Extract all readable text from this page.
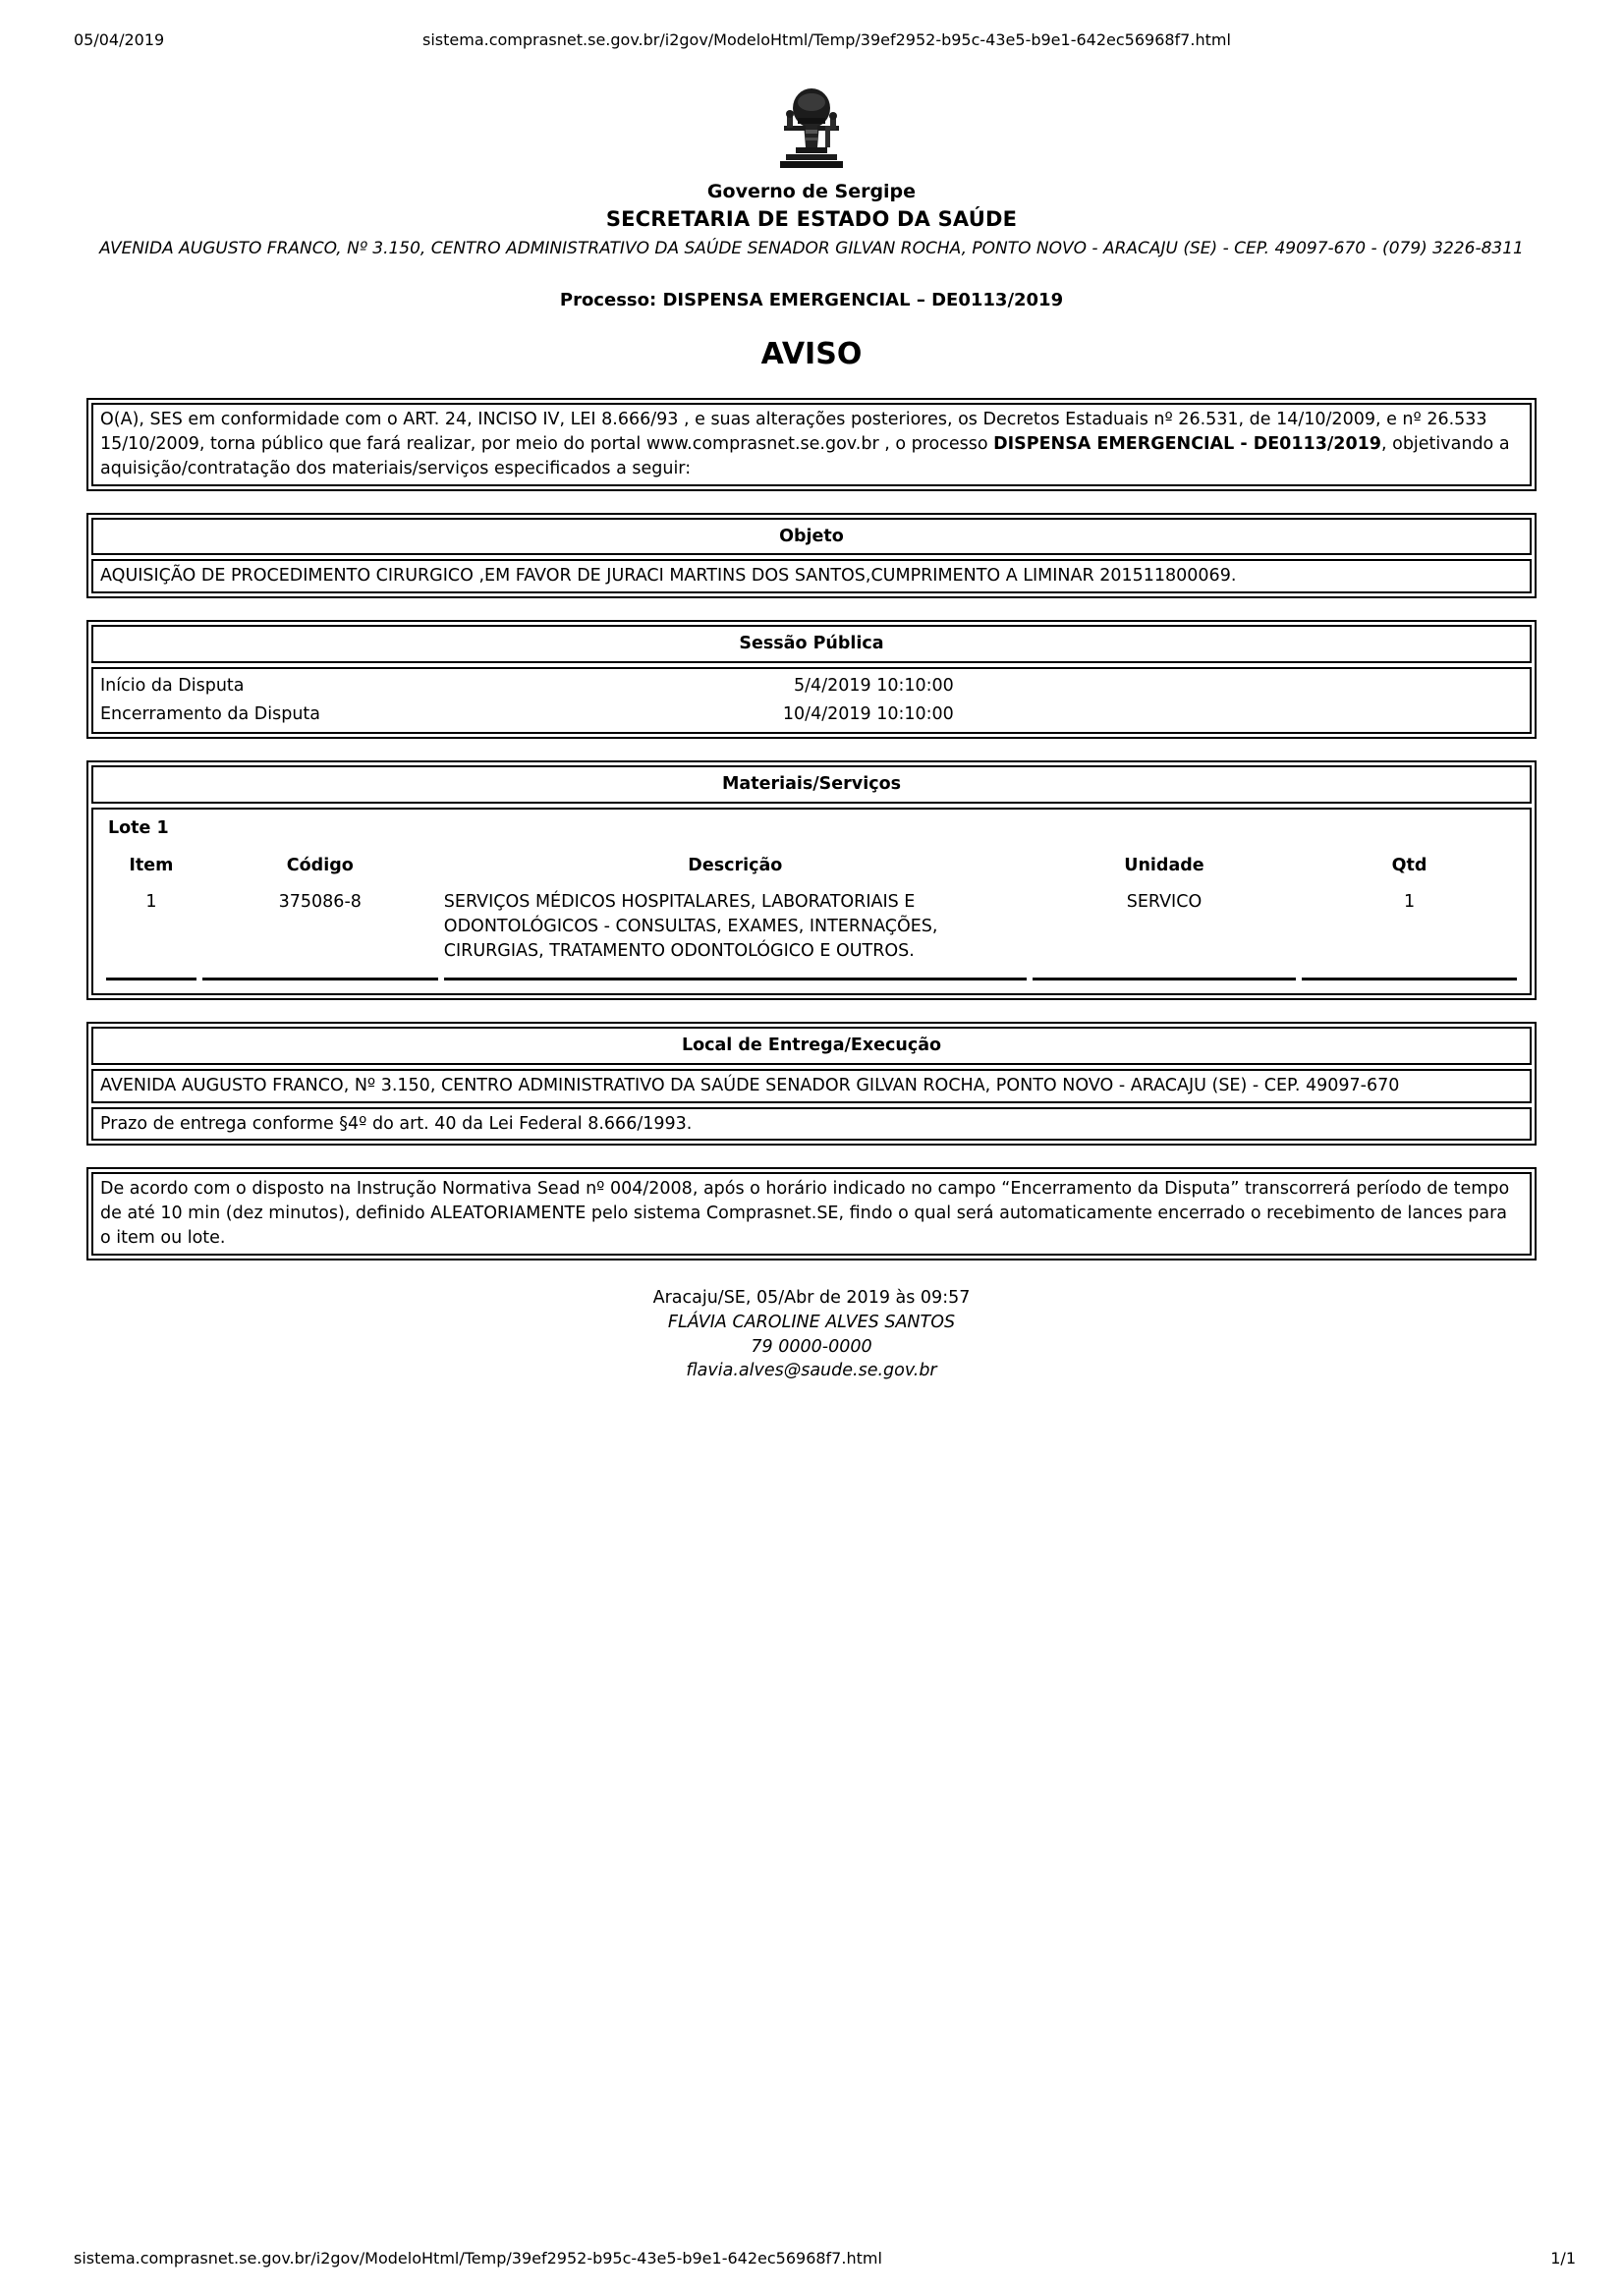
05/04/2019	sistema.comprasnet.se.gov.br/i2gov/ModeloHtml/Temp/39ef2952-b95c-43e5-b9e1-642ec56968f7.html
Governo de Sergipe
SECRETARIA DE ESTADO DA SAÚDE
AVENIDA AUGUSTO FRANCO, Nº 3.150, CENTRO ADMINISTRATIVO DA SAÚDE SENADOR GILVAN ROCHA, PONTO NOVO - ARACAJU (SE) - CEP. 49097-670 - (079) 3226-8311
Processo: DISPENSA EMERGENCIAL – DE0113/2019
AVISO
O(A), SES em conformidade com o ART. 24, INCISO IV, LEI 8.666/93 , e suas alterações posteriores, os Decretos Estaduais nº 26.531, de 14/10/2009, e nº 26.533 15/10/2009, torna público que fará realizar, por meio do portal www.comprasnet.se.gov.br , o processo DISPENSA EMERGENCIAL - DE0113/2019, objetivando a aquisição/contratação dos materiais/serviços especificados a seguir:
Objeto
AQUISIÇÃO DE PROCEDIMENTO CIRURGICO ,EM FAVOR DE JURACI MARTINS DOS SANTOS,CUMPRIMENTO A LIMINAR 201511800069.
Sessão Pública
Início da Disputa	5/4/2019 10:10:00
Encerramento da Disputa	10/4/2019 10:10:00
Materiais/Serviços
Lote 1
Item	Código	Descrição	Unidade	Qtd
1	375086-8	SERVIÇOS MÉDICOS HOSPITALARES, LABORATORIAIS E ODONTOLÓGICOS - CONSULTAS, EXAMES, INTERNAÇÕES, CIRURGIAS, TRATAMENTO ODONTOLÓGICO E OUTROS.	SERVICO	1
Local de Entrega/Execução
AVENIDA AUGUSTO FRANCO, Nº 3.150, CENTRO ADMINISTRATIVO DA SAÚDE SENADOR GILVAN ROCHA, PONTO NOVO - ARACAJU (SE) - CEP. 49097-670
Prazo de entrega conforme §4º do art. 40 da Lei Federal 8.666/1993.
De acordo com o disposto na Instrução Normativa Sead nº 004/2008, após o horário indicado no campo “Encerramento da Disputa” transcorrerá período de tempo de até 10 min (dez minutos), definido ALEATORIAMENTE pelo sistema Comprasnet.SE, findo o qual será automaticamente encerrado o recebimento de lances para o item ou lote.
Aracaju/SE, 05/Abr de 2019 às 09:57
FLÁVIA CAROLINE ALVES SANTOS
79 0000-0000
flavia.alves@saude.se.gov.br
sistema.comprasnet.se.gov.br/i2gov/ModeloHtml/Temp/39ef2952-b95c-43e5-b9e1-642ec56968f7.html	1/1
